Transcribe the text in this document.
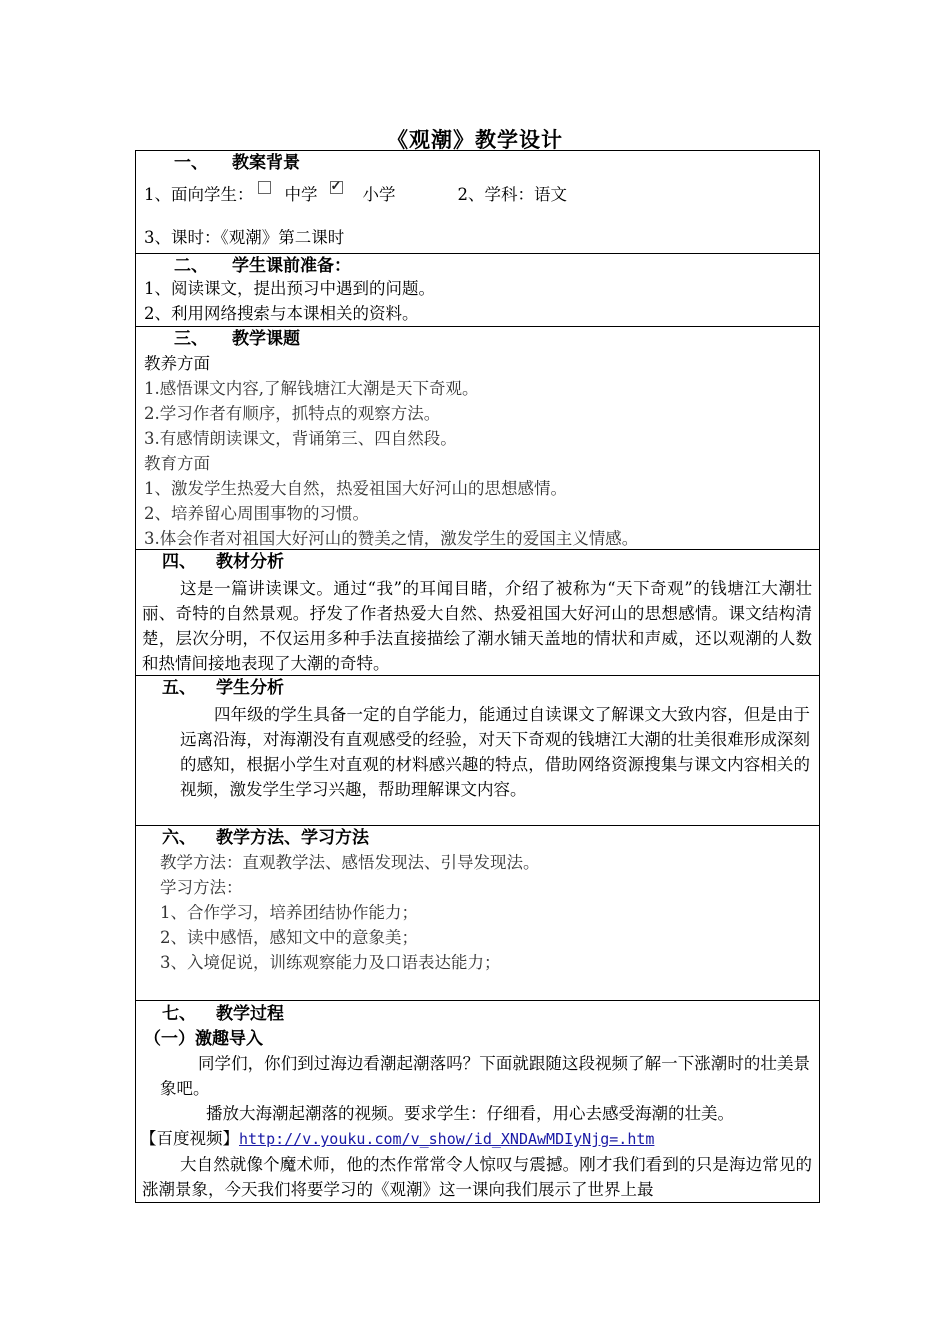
《观潮》教学设计
一、 教案背景
1、面向学生： 中学✓	小学	2、学科：语文
3、课时：《观潮》第二课时
二、 学生课前准备：
1、阅读课文，提出预习中遇到的问题。
2、利用网络搜索与本课相关的资料。
三、 教学课题
教养方面
1.感悟课文内容,了解钱塘江大潮是天下奇观。
2.学习作者有顺序，抓特点的观察方法。
3.有感情朗读课文，背诵第三、四自然段。
教育方面
1、激发学生热爱大自然，热爱祖国大好河山的思想感情。
2、培养留心周围事物的习惯。
3.体会作者对祖国大好河山的赞美之情，激发学生的爱国主义情感。
四、 教材分析
这是一篇讲读课文。通过“我”的耳闻目睹，介绍了被称为“天下奇观”的钱塘江大潮壮丽、奇特的自然景观。抒发了作者热爱大自然、热爱祖国大好河山的思想感情。课文结构清楚，层次分明，不仅运用多种手法直接描绘了潮水铺天盖地的情状和声威，还以观潮的人数和热情间接地表现了大潮的奇特。
五、 学生分析
四年级的学生具备一定的自学能力，能通过自读课文了解课文大致内容，但是由于远离沿海，对海潮没有直观感受的经验，对天下奇观的钱塘江大潮的壮美很难形成深刻的感知，根据小学生对直观的材料感兴趣的特点，借助网络资源搜集与课文内容相关的视频，激发学生学习兴趣，帮助理解课文内容。
六、 教学方法、学习方法
教学方法：直观教学法、感悟发现法、引导发现法。
学习方法：
1、合作学习，培养团结协作能力；
2、读中感悟，感知文中的意象美；
3、入境促说，训练观察能力及口语表达能力；
七、 教学过程
（一）激趣导入
同学们，你们到过海边看潮起潮落吗？下面就跟随这段视频了解一下涨潮时的壮美景象吧。
播放大海潮起潮落的视频。要求学生：仔细看，用心去感受海潮的壮美。
【百度视频】http://v.youku.com/v_show/id_XNDAwMDIyNjg=.htm
大自然就像个魔术师，他的杰作常常令人惊叹与震撼。刚才我们看到的只是海边常见的涨潮景象，今天我们将要学习的《观潮》这一课向我们展示了世界上最
